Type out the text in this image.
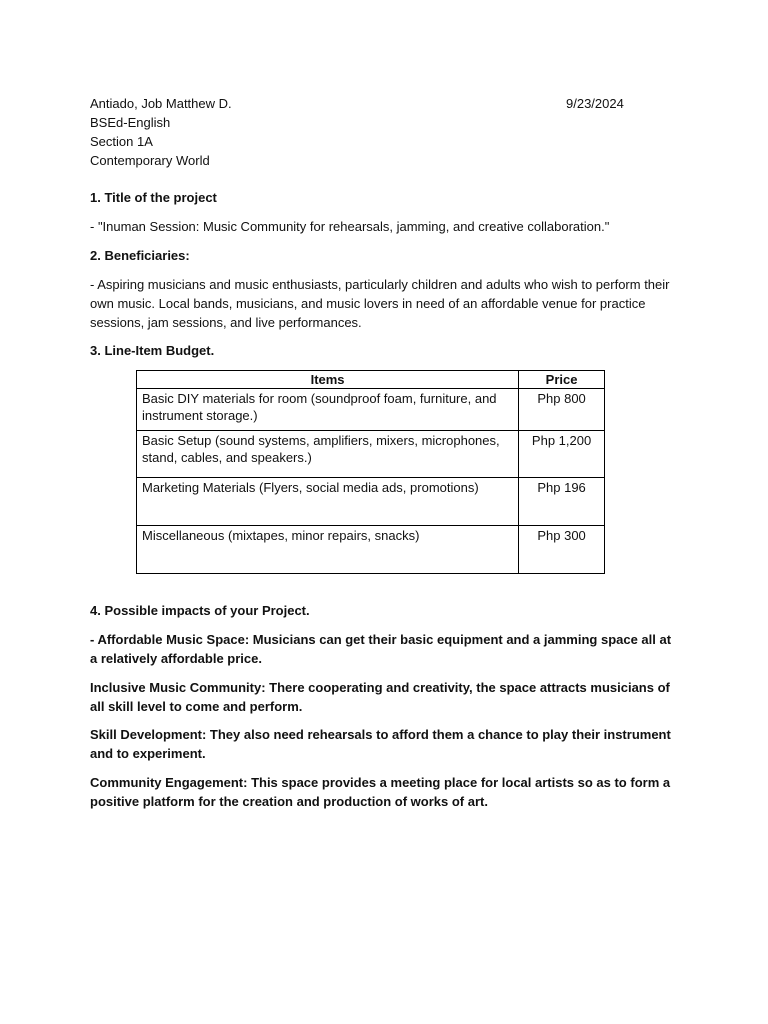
Antiado, Job Matthew D.	9/23/2024
BSEd-English
Section 1A
Contemporary World
1. Title of the project
- "Inuman Session: Music Community for rehearsals, jamming, and creative collaboration."
2. Beneficiaries:
- Aspiring musicians and music enthusiasts, particularly children and adults who wish to perform their own music. Local bands, musicians, and music lovers in need of an affordable venue for practice sessions, jam sessions, and live performances.
3. Line-Item Budget.
Items	Price
Basic DIY materials for room (soundproof foam, furniture, and instrument storage.)	Php 800
Basic Setup (sound systems, amplifiers, mixers, microphones, stand, cables, and speakers.)	Php 1,200
Marketing Materials (Flyers, social media ads, promotions)	Php 196
Miscellaneous (mixtapes, minor repairs, snacks)	Php 300
4. Possible impacts of your Project.
- Affordable Music Space: Musicians can get their basic equipment and a jamming space all at a relatively affordable price.
Inclusive Music Community: There cooperating and creativity, the space attracts musicians of all skill level to come and perform.
Skill Development: They also need rehearsals to afford them a chance to play their instrument and to experiment.
Community Engagement: This space provides a meeting place for local artists so as to form a positive platform for the creation and production of works of art.
